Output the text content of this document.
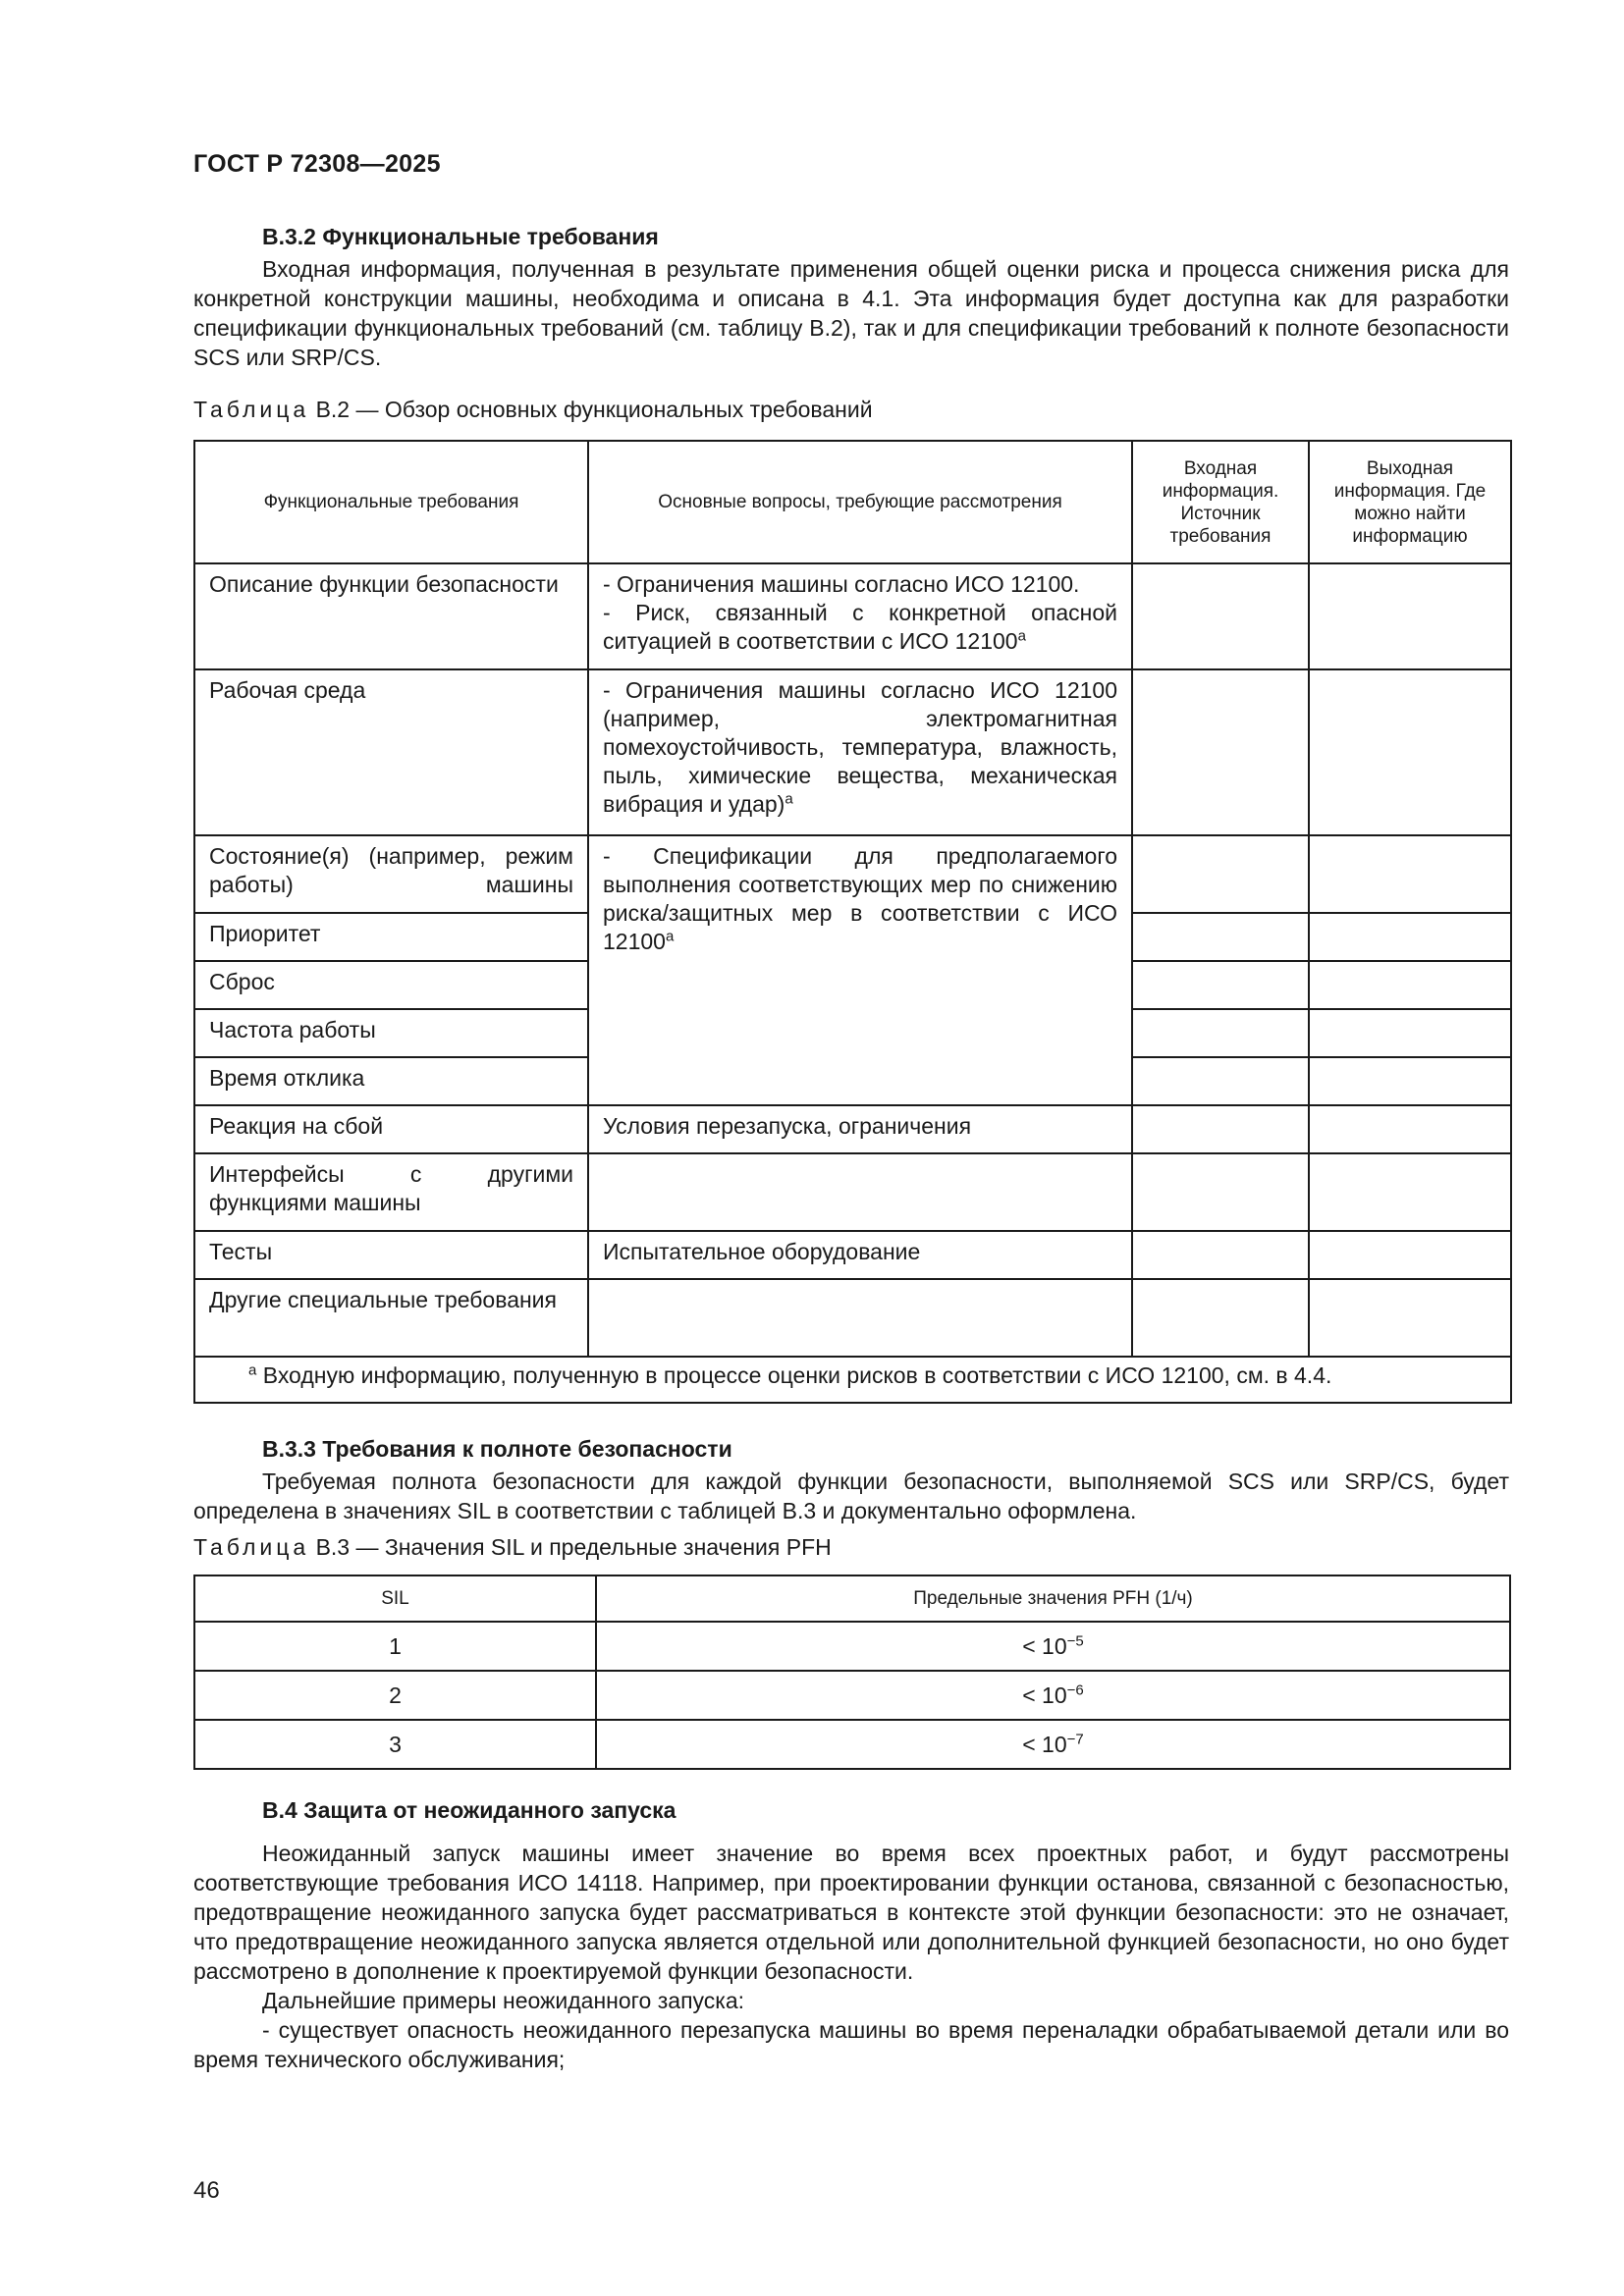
ГОСТ Р 72308—2025
B.3.2 Функциональные требования

Входная информация, полученная в результате применения общей оценки риска и процесса снижения риска для конкретной конструкции машины, необходима и описана в 4.1. Эта информация будет доступна как для разработки спецификации функциональных требований (см. таблицу В.2), так и для спецификации требований к полноте безопасности SCS или SRP/CS.

Таблица В.2 — Обзор основных функциональных требований
Функциональные требования	Основные вопросы, требующие рассмотрения	Входная информация. Источник требования	Выходная информация. Где можно найти информацию
Описание функции безопасности	- Ограничения машины согласно ИСО 12100.
- Риск, связанный с конкретной опасной ситуацией в соответствии с ИСО 12100$^a$

Рабочая среда	- Ограничения машины согласно ИСО 12100 (например, электромагнитная помехоустойчивость, температура, влажность, пыль, химические вещества, механическая вибрация и удар)$^a$		
Состояние(я) (например, режим работы) машины	- Спецификации для предполагаемого выполнения соответствующих мер по снижению риска/защитных мер в соответствии с ИСО 12100$^a$		
Приоритет			
Сброс			
Частота работы			
Время отклика			
Реакция на сбой	Условия перезапуска, ограничения		
Интерфейсы с другими функциями машины			
Тесты	Испытательное оборудование		
Другие специальные требования			
$^a$ Входную информацию, полученную в процессе оценки рисков в соответствии с ИСО 12100, см. в 4.4.			
B.3.3 Требования к полноте безопасности

Требуемая полнота безопасности для каждой функции безопасности, выполняемой SCS или SRP/CS, будет определена в значениях SIL в соответствии с таблицей В.3 и документально оформлена.

Таблица В.3 — Значения SIL и предельные значения PFH
SIL	Предельные значения PFH (1/ч)
1	< $10^{-5}$
2	< $10^{-6}$
3	< $10^{-7}$
B.4 Защита от неожиданного запуска

Неожиданный запуск машины имеет значение во время всех проектных работ, и будут рассмотрены соответствующие требования ИСО 14118. Например, при проектировании функции останова, связанной с безопасностью, предотвращение неожиданного запуска будет рассматриваться в контексте этой функции безопасности: это не означает, что предотвращение неожиданного запуска является отдельной или дополнительной функцией безопасности, но оно будет рассмотрено в дополнение к проектируемой функции безопасности.

Дальнейшие примеры неожиданного запуска:

- существует опасность неожиданного перезапуска машины во время переналадки обрабатываемой детали или во время технического обслуживания;

46
